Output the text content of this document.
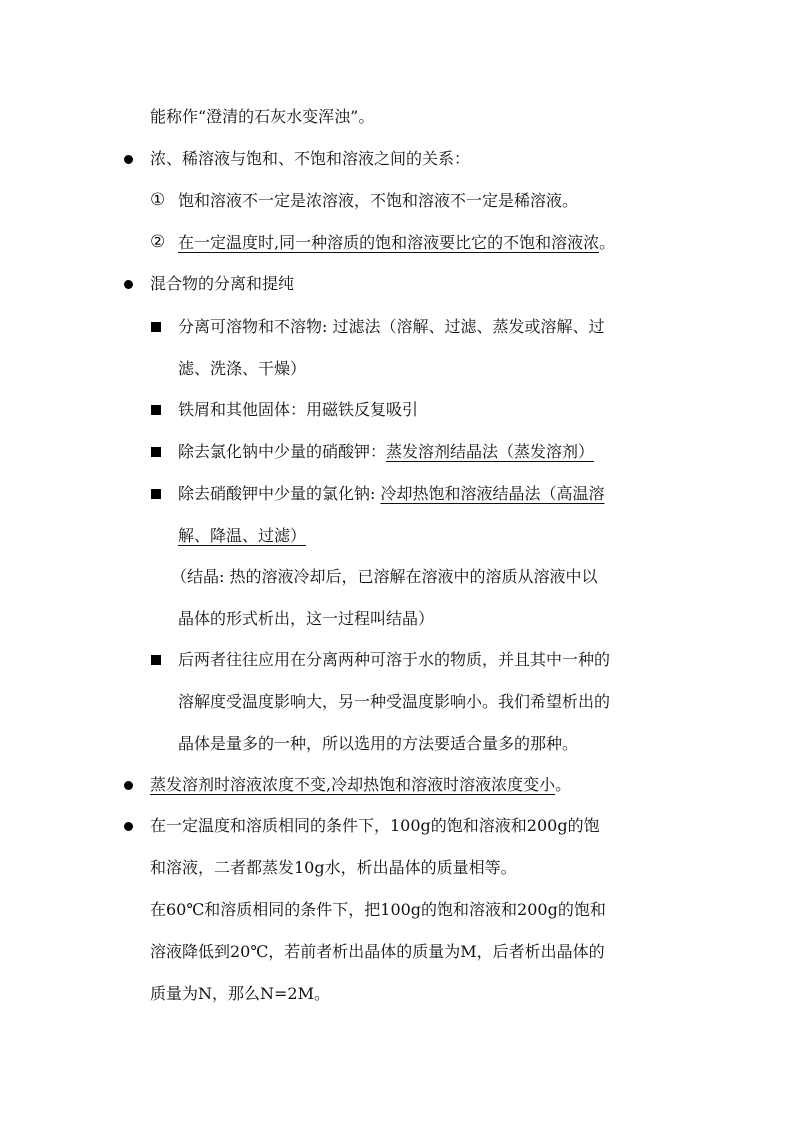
能称作“澄清的石灰水变浑浊”。
浓、稀溶液与饱和、不饱和溶液之间的关系：
① 饱和溶液不一定是浓溶液，不饱和溶液不一定是稀溶液。
② 在一定温度时,同一种溶质的饱和溶液要比它的不饱和溶液浓。
混合物的分离和提纯
分离可溶物和不溶物: 过滤法（溶解、过滤、蒸发或溶解、过
滤、洗涤、干燥）
铁屑和其他固体：用磁铁反复吸引
除去氯化钠中少量的硝酸钾：蒸发溶剂结晶法（蒸发溶剂）
除去硝酸钾中少量的氯化钠: 冷却热饱和溶液结晶法（高温溶
解、降温、过滤）
（结晶: 热的溶液冷却后，已溶解在溶液中的溶质从溶液中以
晶体的形式析出，这一过程叫结晶）
后两者往往应用在分离两种可溶于水的物质，并且其中一种的
溶解度受温度影响大，另一种受温度影响小。我们希望析出的
晶体是量多的一种，所以选用的方法要适合量多的那种。
蒸发溶剂时溶液浓度不变,冷却热饱和溶液时溶液浓度变小。
在一定温度和溶质相同的条件下，100g的饱和溶液和200g的饱
和溶液，二者都蒸发10g水，析出晶体的质量相等。
在60℃和溶质相同的条件下，把100g的饱和溶液和200g的饱和
溶液降低到20℃，若前者析出晶体的质量为M，后者析出晶体的
质量为N，那么N=2M。
